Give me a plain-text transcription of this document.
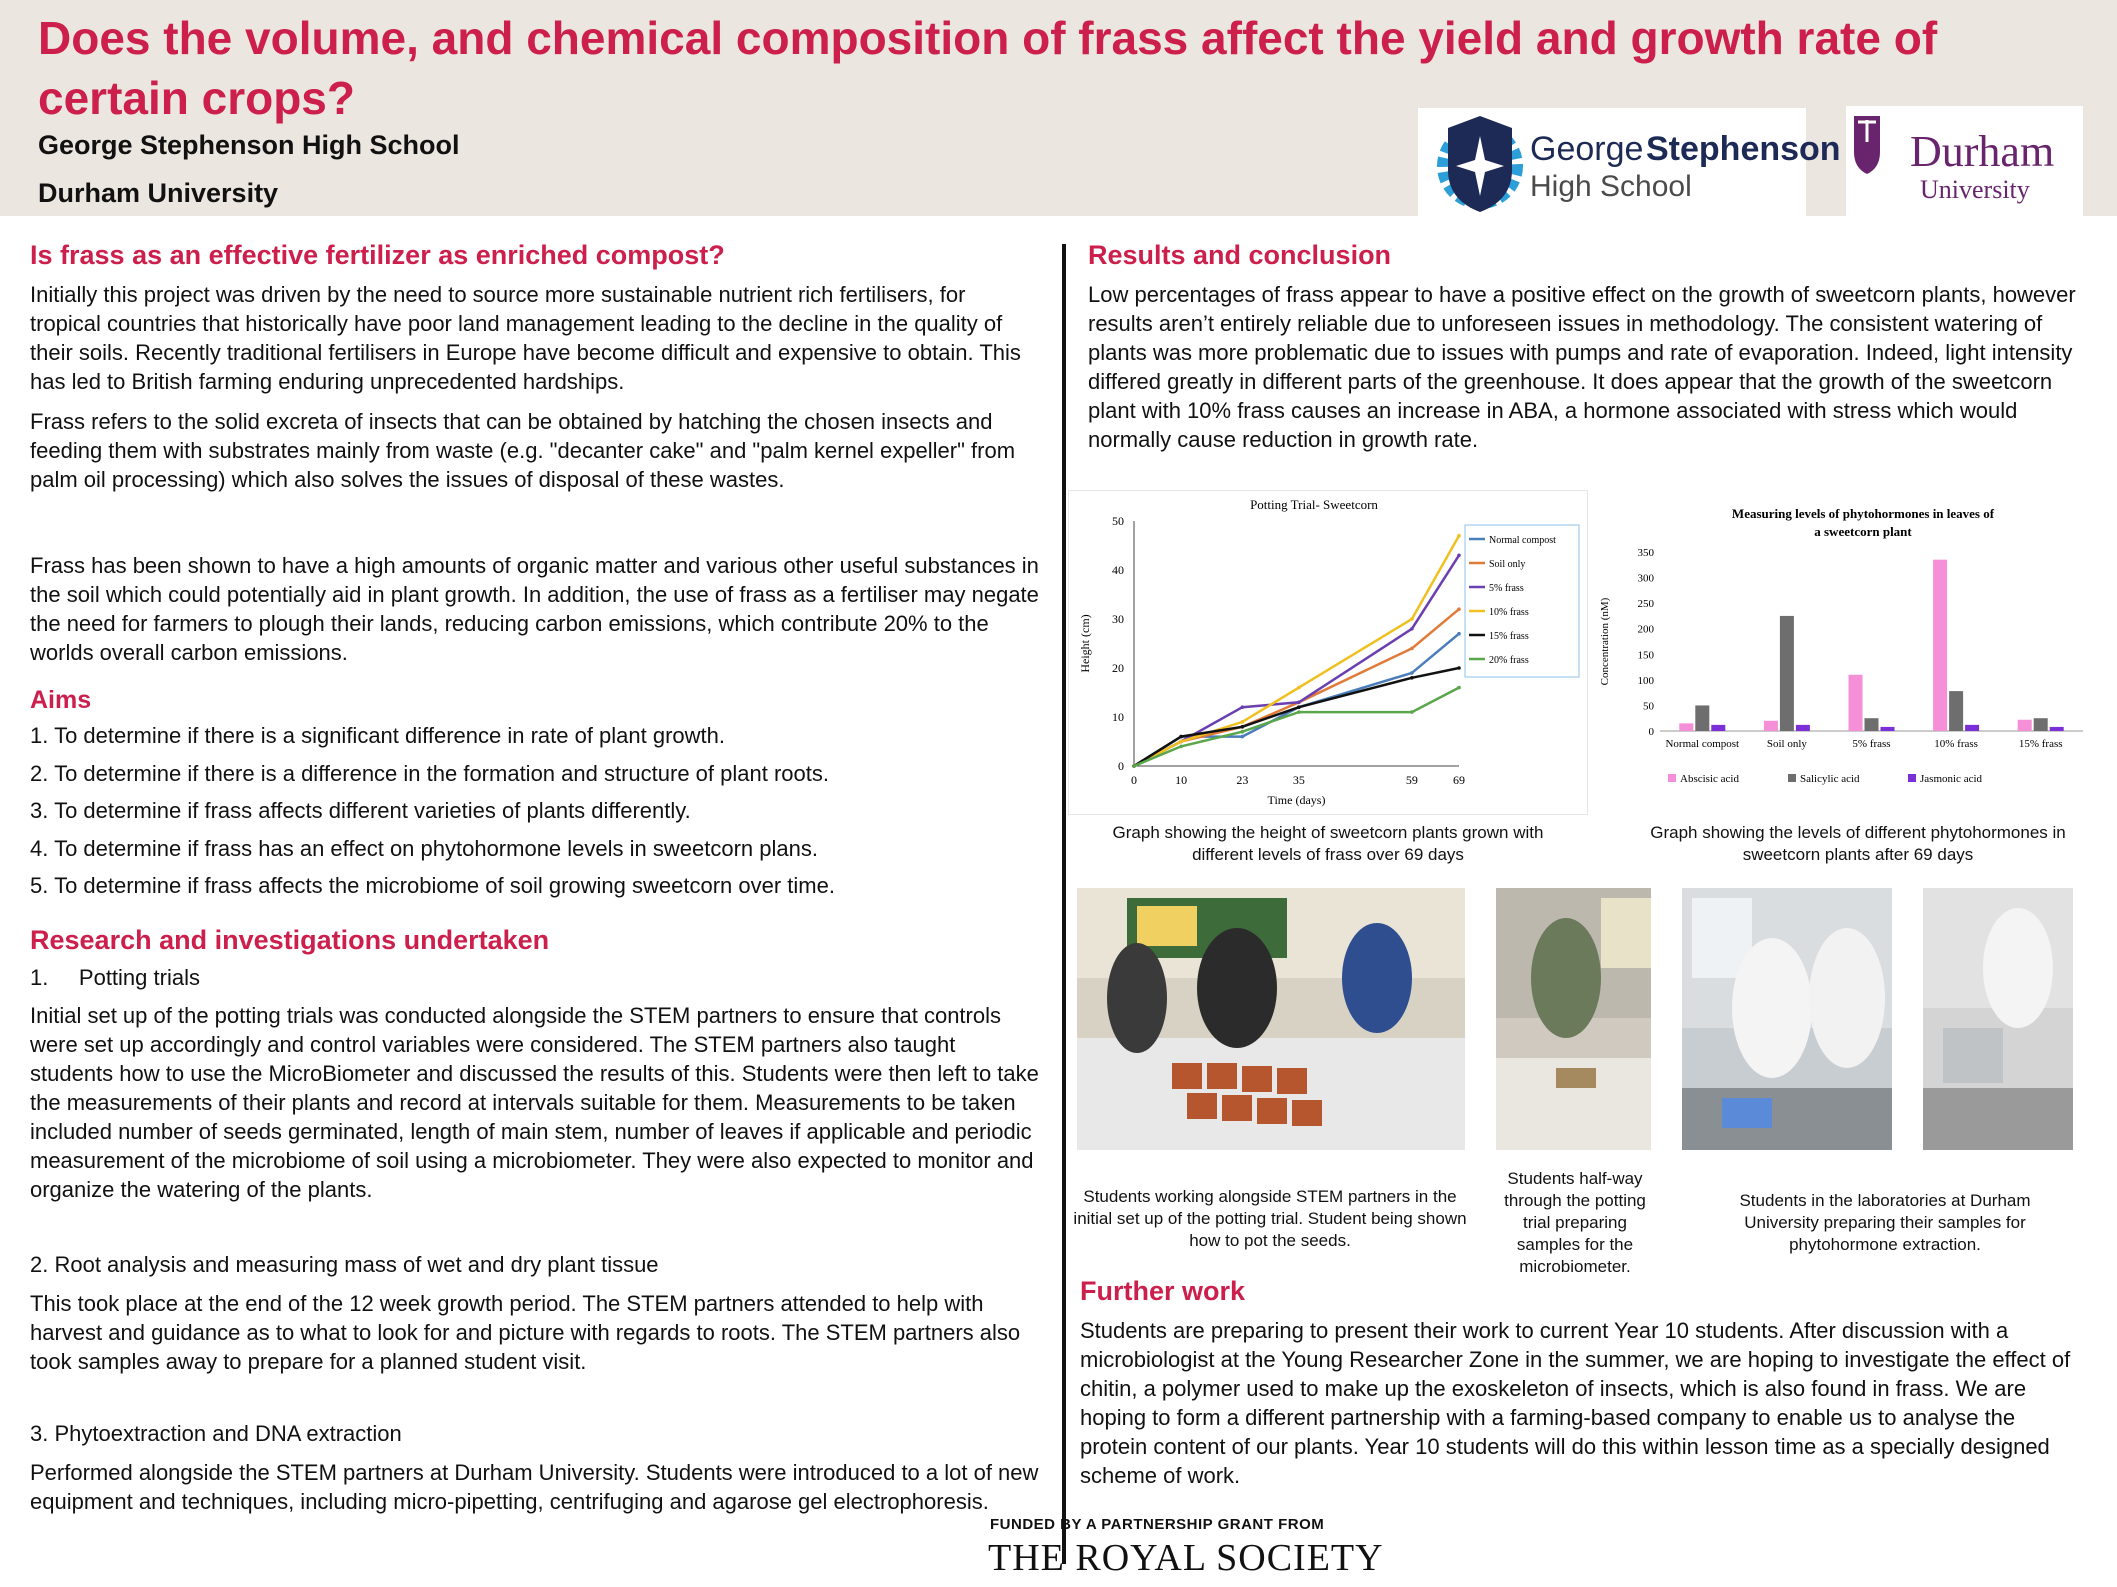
Does the volume, and chemical composition of frass affect the yield and growth rate of certain crops?
George Stephenson High School
Durham University
George Stephenson
High School
Durham
University
Is frass as an effective fertilizer as enriched compost?
Initially this project was driven by the need to source more sustainable nutrient rich fertilisers, for tropical countries that historically have poor land management leading to the decline in the quality of their soils. Recently traditional fertilisers in Europe have become difficult and expensive to obtain. This has led to British farming enduring unprecedented hardships.
Frass refers to the solid excreta of insects that can be obtained by hatching the chosen insects and feeding them with substrates mainly from waste (e.g. "decanter cake" and "palm kernel expeller" from palm oil processing) which also solves the issues of disposal of these wastes.
Frass has been shown to have a high amounts of organic matter and various other useful substances in the soil which could potentially aid in plant growth. In addition, the use of frass as a fertiliser may negate the need for farmers to plough their lands, reducing carbon emissions, which contribute 20% to the worlds overall carbon emissions.
Aims
1. To determine if there is a significant difference in rate of plant growth.
2. To determine if there is a difference in the formation and structure of plant roots.
3. To determine if frass affects different varieties of plants differently.
4. To determine if frass has an effect on phytohormone levels in sweetcorn plans.
5. To determine if frass affects the microbiome of soil growing sweetcorn over time.
Research and investigations undertaken
1.     Potting trials
Initial set up of the potting trials was conducted alongside the STEM partners to ensure that controls were set up accordingly and control variables were considered. The STEM partners also taught students how to use the MicroBiometer and discussed the results of this. Students were then left to take the measurements of their plants and record at intervals suitable for them. Measurements to be taken included number of seeds germinated, length of main stem, number of leaves if applicable and periodic measurement of the microbiome of soil using a microbiometer. They were also expected to monitor and organize the watering of the plants.
2. Root analysis and measuring mass of wet and dry plant tissue
This took place at the end of the 12 week growth period. The STEM partners attended to help with harvest and guidance as to what to look for and picture with regards to roots. The STEM partners also took samples away to prepare for a planned student visit.
3. Phytoextraction and DNA extraction
Performed alongside the STEM partners at Durham University. Students were introduced to a lot of new equipment and techniques, including micro-pipetting, centrifuging and agarose gel electrophoresis.
Results and conclusion
Low percentages of frass appear to have a positive effect on the growth of sweetcorn plants, however results aren’t entirely reliable due to unforeseen issues in methodology. The consistent watering of plants was more problematic due to issues with pumps and rate of evaporation. Indeed, light intensity differed greatly in different parts of the greenhouse. It does appear that the growth of the sweetcorn plant with 10% frass causes an increase in ABA, a hormone associated with stress which would normally cause reduction in growth rate.
Potting Trial- Sweetcorn
0
10
20
30
40
50
0	10	23	35	59	69
Time (days)
Height (cm)
Normal compost
Soil only
5% frass
10% frass
15% frass
20% frass
Graph showing the height of sweetcorn plants grown with different levels of frass over 69 days
Measuring levels of phytohormones in leaves of a sweetcorn plant
0
50
100
150
200
250
300
350
Concentration (nM)
Normal compost	Soil only	5% frass	10% frass	15% frass
Abscisic acid	Salicylic acid	Jasmonic acid
Graph showing the levels of different phytohormones in sweetcorn plants after 69 days
Students working alongside STEM partners in the initial set up of the potting trial. Student being shown how to pot the seeds.
Students half-way through the potting trial preparing samples for the microbiometer.
Students in the laboratories at Durham University preparing their samples for phytohormone extraction.
Further work
Students are preparing to present their work to current Year 10 students. After discussion with a microbiologist at the Young Researcher Zone in the summer, we are hoping to investigate the effect of chitin, a polymer used to make up the exoskeleton of insects, which is also found in frass. We are hoping to form a different partnership with a farming-based company to enable us to analyse the protein content of our plants. Year 10 students will do this within lesson time as a specially designed scheme of work.
FUNDED BY A PARTNERSHIP GRANT FROM
THE ROYAL SOCIETY
